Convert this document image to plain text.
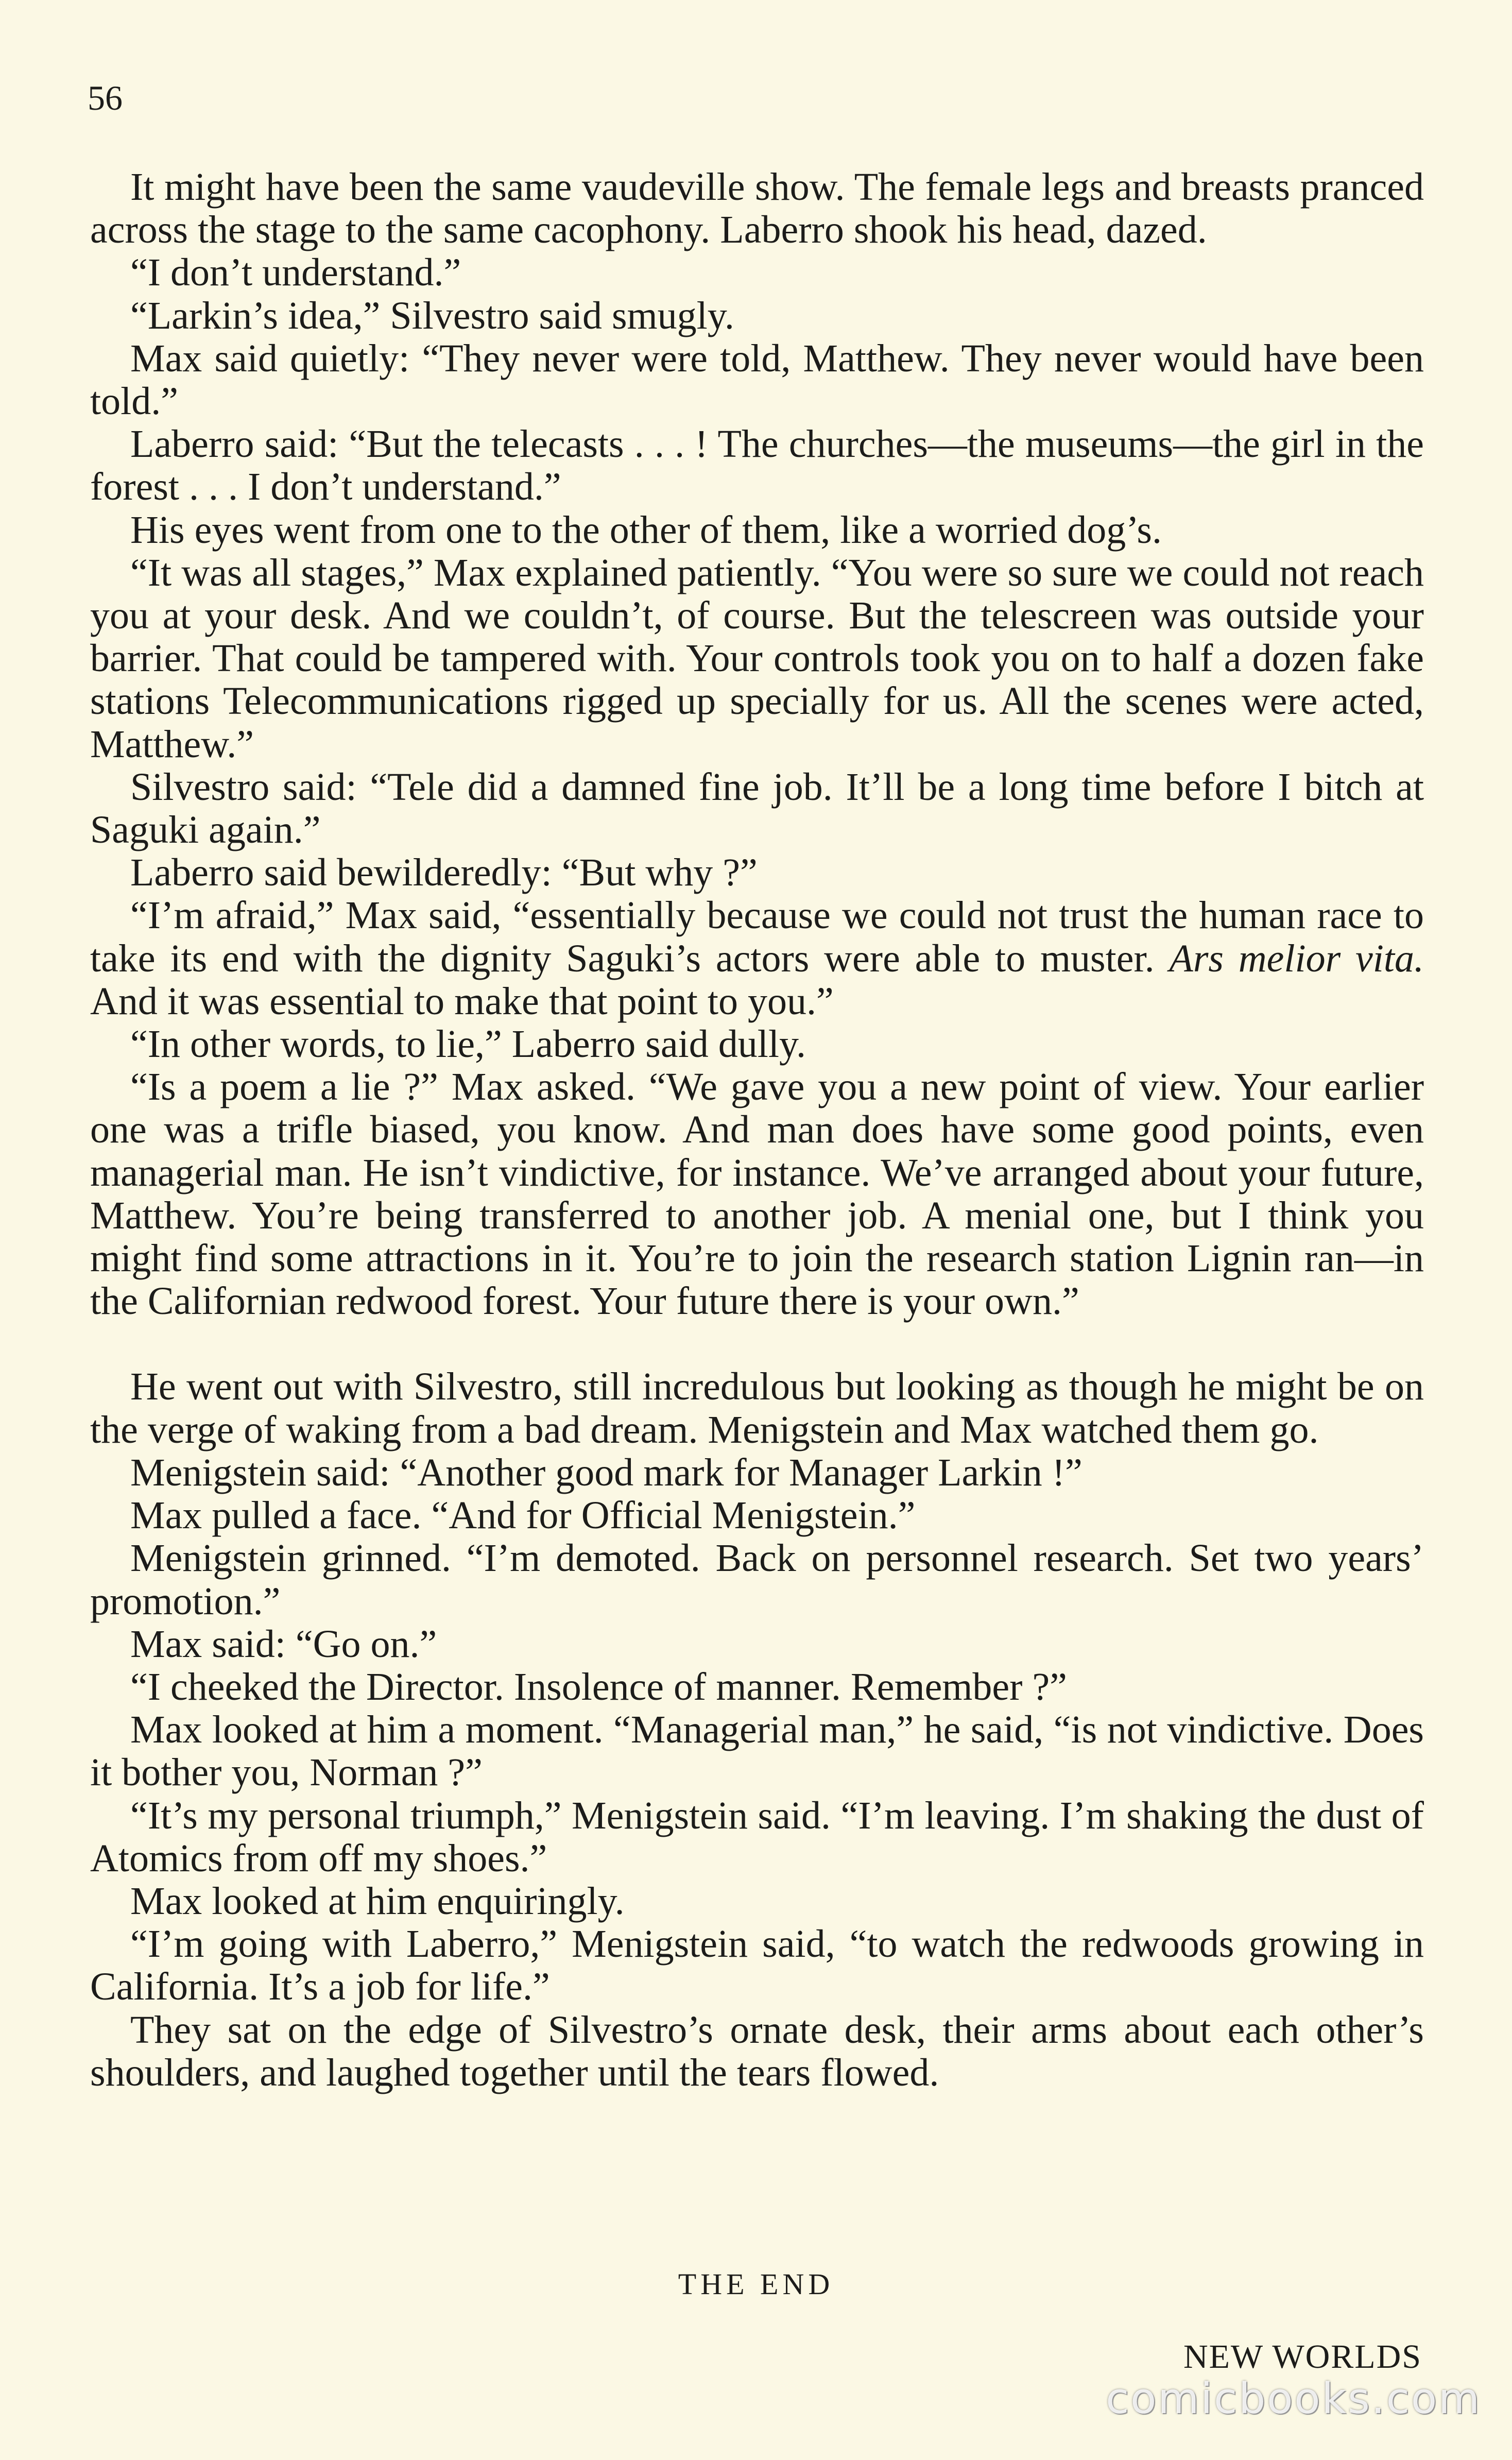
56

It might have been the same vaudeville show. The female legs and breasts pranced across the stage to the same cacophony. Laberro shook his head, dazed.

“I don’t understand.”

“Larkin’s idea,” Silvestro said smugly.

Max said quietly: “They never were told, Matthew. They never would have been told.”

Laberro said: “But the telecasts . . . ! The churches—the museums—the girl in the forest . . . I don’t understand.”

His eyes went from one to the other of them, like a worried dog’s.

“It was all stages,” Max explained patiently. “You were so sure we could not reach you at your desk. And we couldn’t, of course. But the telescreen was outside your barrier. That could be tampered with. Your controls took you on to half a dozen fake stations Telecommunications rigged up specially for us. All the scenes were acted, Matthew.”

Silvestro said: “Tele did a damned fine job. It’ll be a long time before I bitch at Saguki again.”

Laberro said bewilderedly: “But why ?”

“I’m afraid,” Max said, “essentially because we could not trust the human race to take its end with the dignity Saguki’s actors were able to muster. Ars melior vita. And it was essential to make that point to you.”

“In other words, to lie,” Laberro said dully.

“Is a poem a lie ?” Max asked. “We gave you a new point of view. Your earlier one was a trifle biased, you know. And man does have some good points, even managerial man. He isn’t vindictive, for instance. We’ve arranged about your future, Matthew. You’re being transferred to another job. A menial one, but I think you might find some attractions in it. You’re to join the research station Lignin ran—in the Californian redwood forest. Your future there is your own.”

He went out with Silvestro, still incredulous but looking as though he might be on the verge of waking from a bad dream. Menigstein and Max watched them go.

Menigstein said: “Another good mark for Manager Larkin !”

Max pulled a face. “And for Official Menigstein.”

Menigstein grinned. “I’m demoted. Back on personnel research. Set two years’ promotion.”

Max said: “Go on.”

“I cheeked the Director. Insolence of manner. Remember ?”

Max looked at him a moment. “Managerial man,” he said, “is not vindictive. Does it bother you, Norman ?”

“It’s my personal triumph,” Menigstein said. “I’m leaving. I’m shaking the dust of Atomics from off my shoes.”

Max looked at him enquiringly.

“I’m going with Laberro,” Menigstein said, “to watch the redwoods growing in California. It’s a job for life.”

They sat on the edge of Silvestro’s ornate desk, their arms about each other’s shoulders, and laughed together until the tears flowed.

THE END
NEW WORLDS
comicbooks.com
